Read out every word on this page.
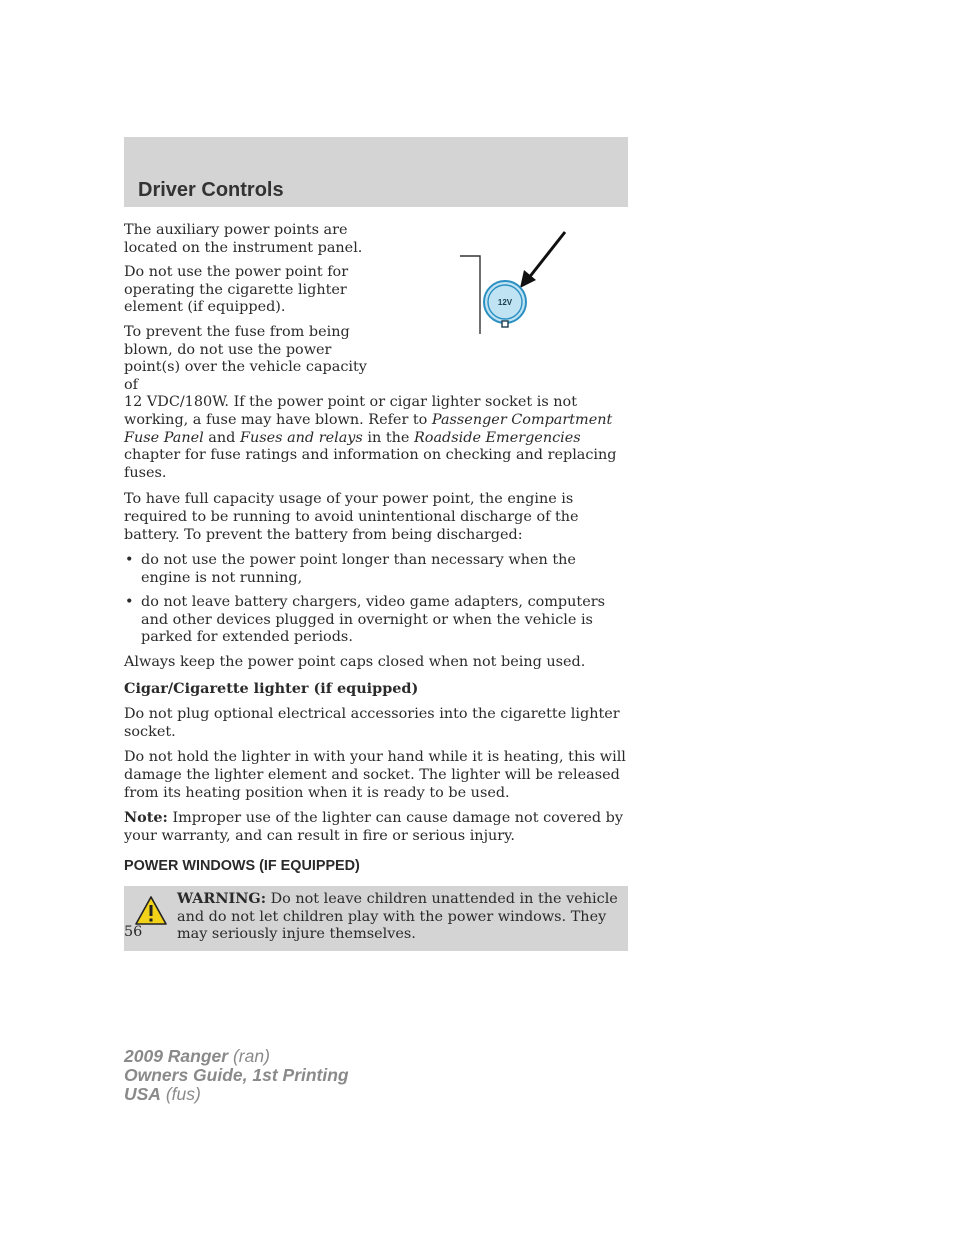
Driver Controls
12V

The auxiliary power points are located on the instrument panel.

Do not use the power point for operating the cigarette lighter element (if equipped).

To prevent the fuse from being blown, do not use the power point(s) over the vehicle capacity of
12 VDC/180W. If the power point or cigar lighter socket is not working, a fuse may have blown. Refer to Passenger Compartment Fuse Panel and Fuses and relays in the Roadside Emergencies chapter for fuse ratings and information on checking and replacing fuses.

To have full capacity usage of your power point, the engine is required to be running to avoid unintentional discharge of the battery. To prevent the battery from being discharged:

• do not use the power point longer than necessary when the engine is not running,
• do not leave battery chargers, video game adapters, computers and other devices plugged in overnight or when the vehicle is parked for extended periods.

Always keep the power point caps closed when not being used.

Cigar/Cigarette lighter (if equipped)

Do not plug optional electrical accessories into the cigarette lighter socket.

Do not hold the lighter in with your hand while it is heating, this will damage the lighter element and socket. The lighter will be released from its heating position when it is ready to be used.

Note: Improper use of the lighter can cause damage not covered by your warranty, and can result in fire or serious injury.

POWER WINDOWS (IF EQUIPPED)
WARNING: Do not leave children unattended in the vehicle and do not let children play with the power windows. They may seriously injure themselves.
56
2009 Ranger (ran)
Owners Guide, 1st Printing
USA (fus)
